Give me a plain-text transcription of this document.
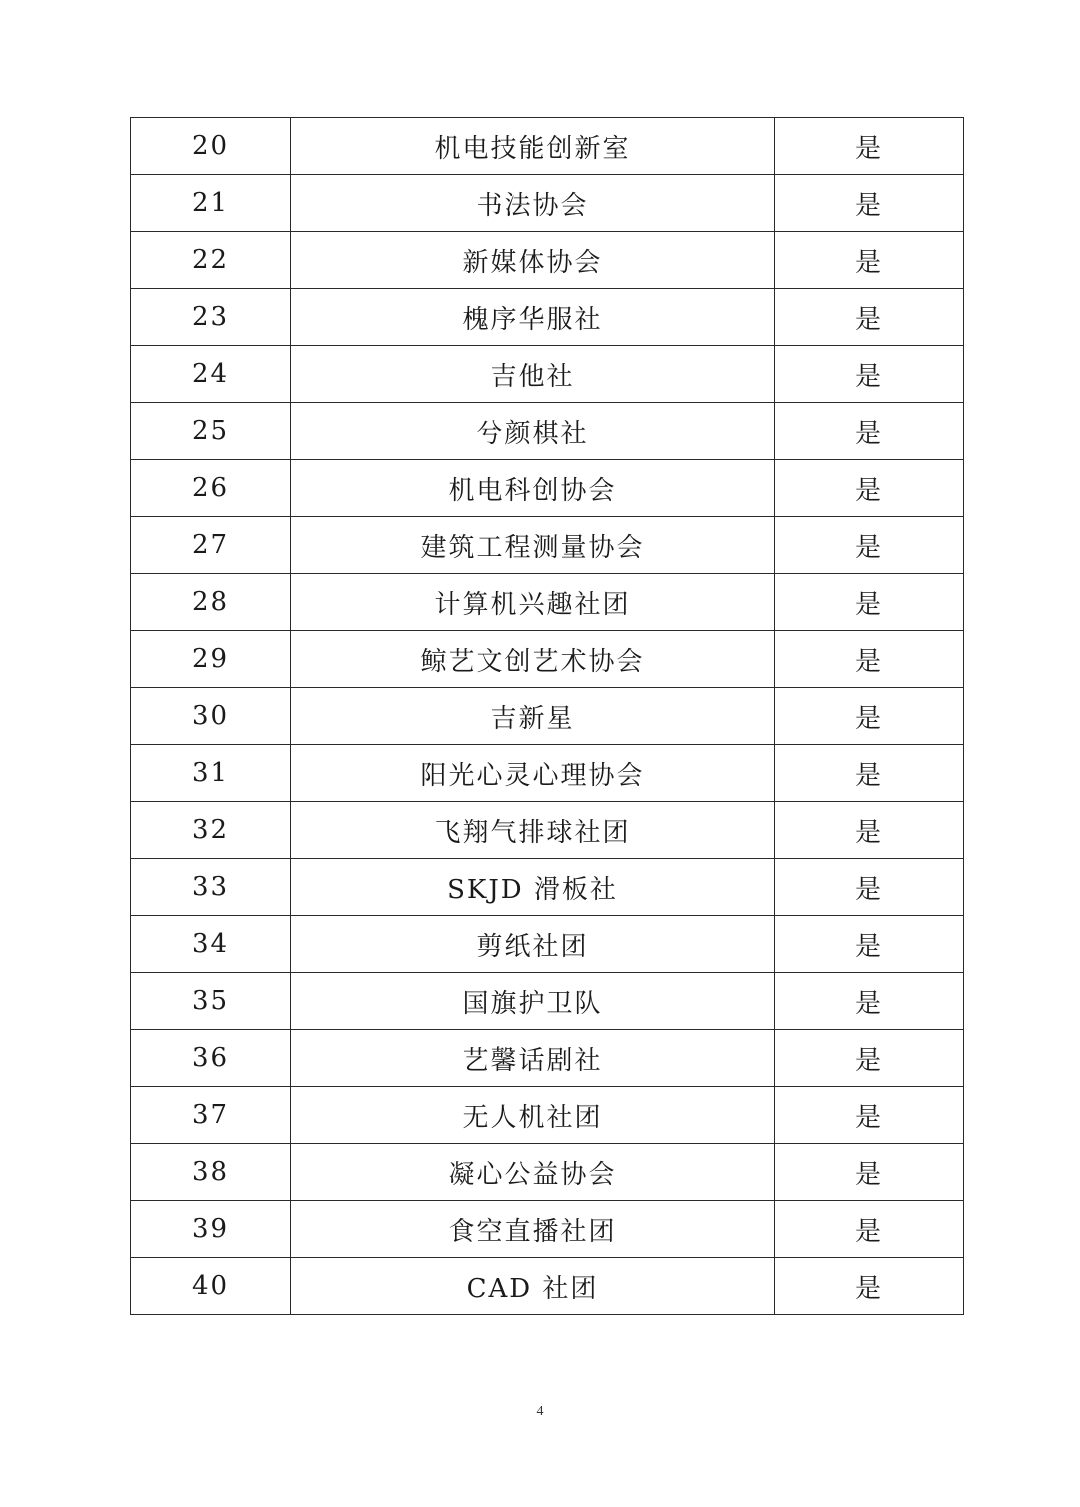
20	机电技能创新室	是
21	书法协会	是
22	新媒体协会	是
23	槐序华服社	是
24	吉他社	是
25	兮颜棋社	是
26	机电科创协会	是
27	建筑工程测量协会	是
28	计算机兴趣社团	是
29	鲸艺文创艺术协会	是
30	吉新星	是
31	阳光心灵心理协会	是
32	飞翔气排球社团	是
33	SKJD 滑板社	是
34	剪纸社团	是
35	国旗护卫队	是
36	艺馨话剧社	是
37	无人机社团	是
38	凝心公益协会	是
39	食空直播社团	是
40	CAD 社团	是
4
